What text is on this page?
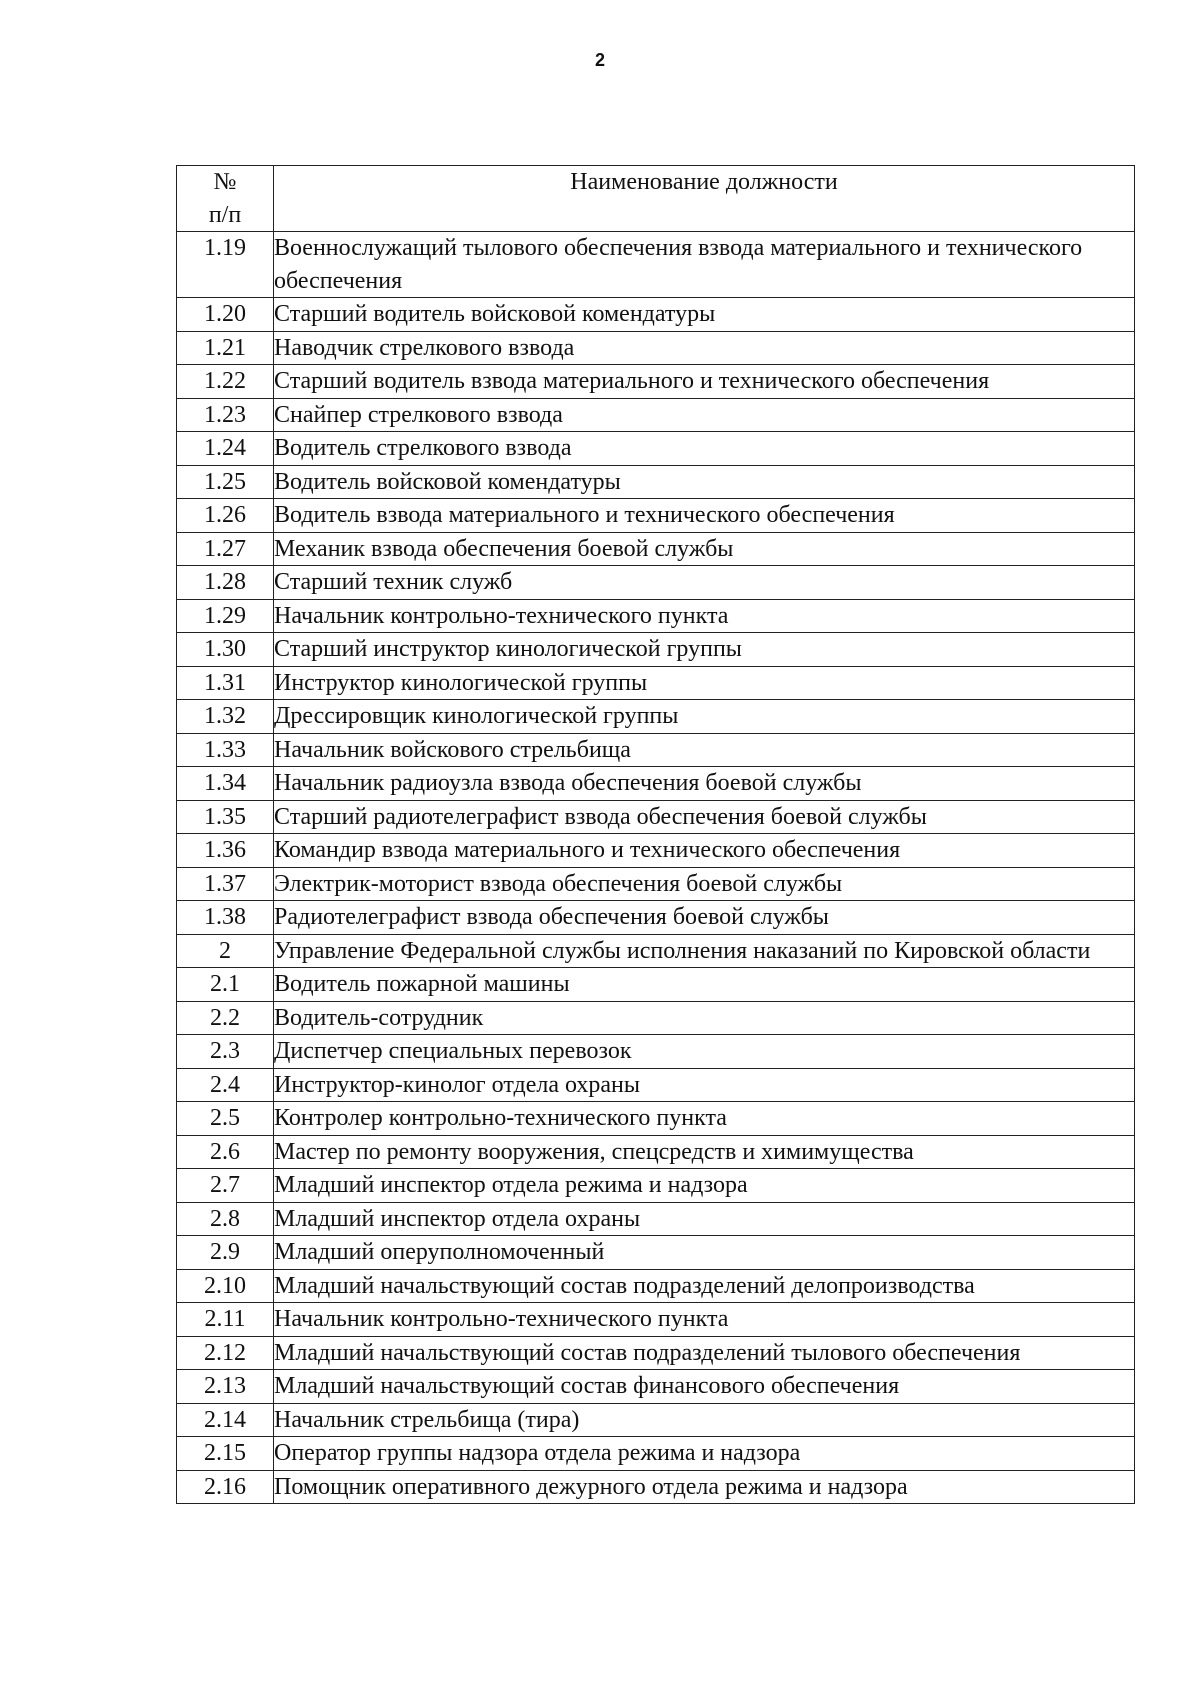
2
№
п/п	Наименование должности
1.19	Военнослужащий тылового обеспечения взвода материального и технического обеспечения
1.20	Старший водитель войсковой комендатуры
1.21	Наводчик стрелкового взвода
1.22	Старший водитель взвода материального и технического обеспечения
1.23	Снайпер стрелкового взвода
1.24	Водитель стрелкового взвода
1.25	Водитель войсковой комендатуры
1.26	Водитель взвода материального и технического обеспечения
1.27	Механик взвода обеспечения боевой службы
1.28	Старший техник служб
1.29	Начальник контрольно-технического пункта
1.30	Старший инструктор кинологической группы
1.31	Инструктор кинологической группы
1.32	Дрессировщик кинологической группы
1.33	Начальник войскового стрельбища
1.34	Начальник радиоузла взвода обеспечения боевой службы
1.35	Старший радиотелеграфист взвода обеспечения боевой службы
1.36	Командир взвода материального и технического обеспечения
1.37	Электрик-моторист взвода обеспечения боевой службы
1.38	Радиотелеграфист взвода обеспечения боевой службы
2	Управление Федеральной службы исполнения наказаний по Кировской области
2.1	Водитель пожарной машины
2.2	Водитель-сотрудник
2.3	Диспетчер специальных перевозок
2.4	Инструктор-кинолог отдела охраны
2.5	Контролер контрольно-технического пункта
2.6	Мастер по ремонту вооружения, спецсредств и химимущества
2.7	Младший инспектор отдела режима и надзора
2.8	Младший инспектор отдела охраны
2.9	Младший оперуполномоченный
2.10	Младший начальствующий состав подразделений делопроизводства
2.11	Начальник контрольно-технического пункта
2.12	Младший начальствующий состав подразделений тылового обеспечения
2.13	Младший начальствующий состав финансового обеспечения
2.14	Начальник стрельбища (тира)
2.15	Оператор группы надзора отдела режима и надзора
2.16	Помощник оперативного дежурного отдела режима и надзора
